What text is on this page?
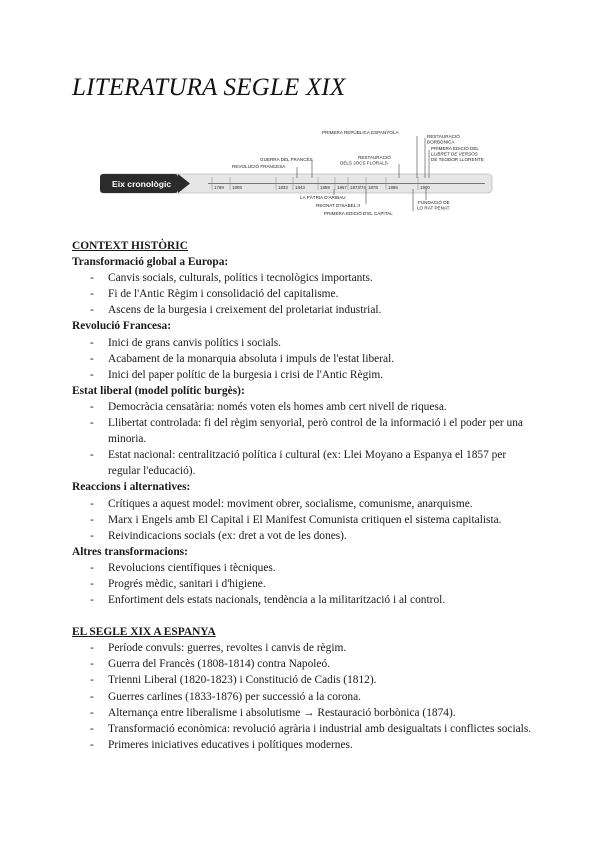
LITERATURA SEGLE XIX
Eix cronològic	1789 1808	1833 1843	1859 1867 1873/74 1878 1885	1900
PRIMERA REPÚBLICA ESPANYOLA
RESTAURACIÓ BORBÒNICA
PRIMERA EDICIÓ DEL LLIBRET DE VERSOS DE TEODOR LLORENTE
GUERRA DEL FRANCÈS
REVOLUCIÓ FRANCESA
RESTAURACIÓ DELS JOCS FLORALS
LA PÀTRIA D'ARIBAU
REGNAT D'ISABEL II
PRIMERA EDICIÓ D'EL CAPITAL
FUNDACIÓ DE LO RAT PENAT

CONTEXT HISTÒRIC

Transformació global a Europa:

- Canvis socials, culturals, polítics i tecnològics importants.
- Fi de l'Antic Règim i consolidació del capitalisme.
- Ascens de la burgesia i creixement del proletariat industrial.

Revolució Francesa:

- Inici de grans canvis polítics i socials.
- Acabament de la monarquia absoluta i impuls de l'estat liberal.
- Inici del paper polític de la burgesia i crisi de l'Antic Règim.

Estat liberal (model polític burgès):

- Democràcia censatària: només voten els homes amb cert nivell de riquesa.
- Llibertat controlada: fi del règim senyorial, però control de la informació i el poder per una minoria.
- Estat nacional: centralització política i cultural (ex: Llei Moyano a Espanya el 1857 per regular l'educació).

Reaccions i alternatives:

- Crítiques a aquest model: moviment obrer, socialisme, comunisme, anarquisme.
- Marx i Engels amb El Capital i El Manifest Comunista critiquen el sistema capitalista.
- Reivindicacions socials (ex: dret a vot de les dones).

Altres transformacions:

- Revolucions científiques i tècniques.
- Progrés mèdic, sanitari i d'higiene.
- Enfortiment dels estats nacionals, tendència a la militarització i al control.

EL SEGLE XIX A ESPANYA

- Període convuls: guerres, revoltes i canvis de règim.
- Guerra del Francès (1808-1814) contra Napoleó.
- Trienni Liberal (1820-1823) i Constitució de Cadis (1812).
- Guerres carlines (1833-1876) per successió a la corona.
- Alternança entre liberalisme i absolutisme → Restauració borbònica (1874).
- Transformació econòmica: revolució agrària i industrial amb desigualtats i conflictes socials.
- Primeres iniciatives educatives i polítiques modernes.
